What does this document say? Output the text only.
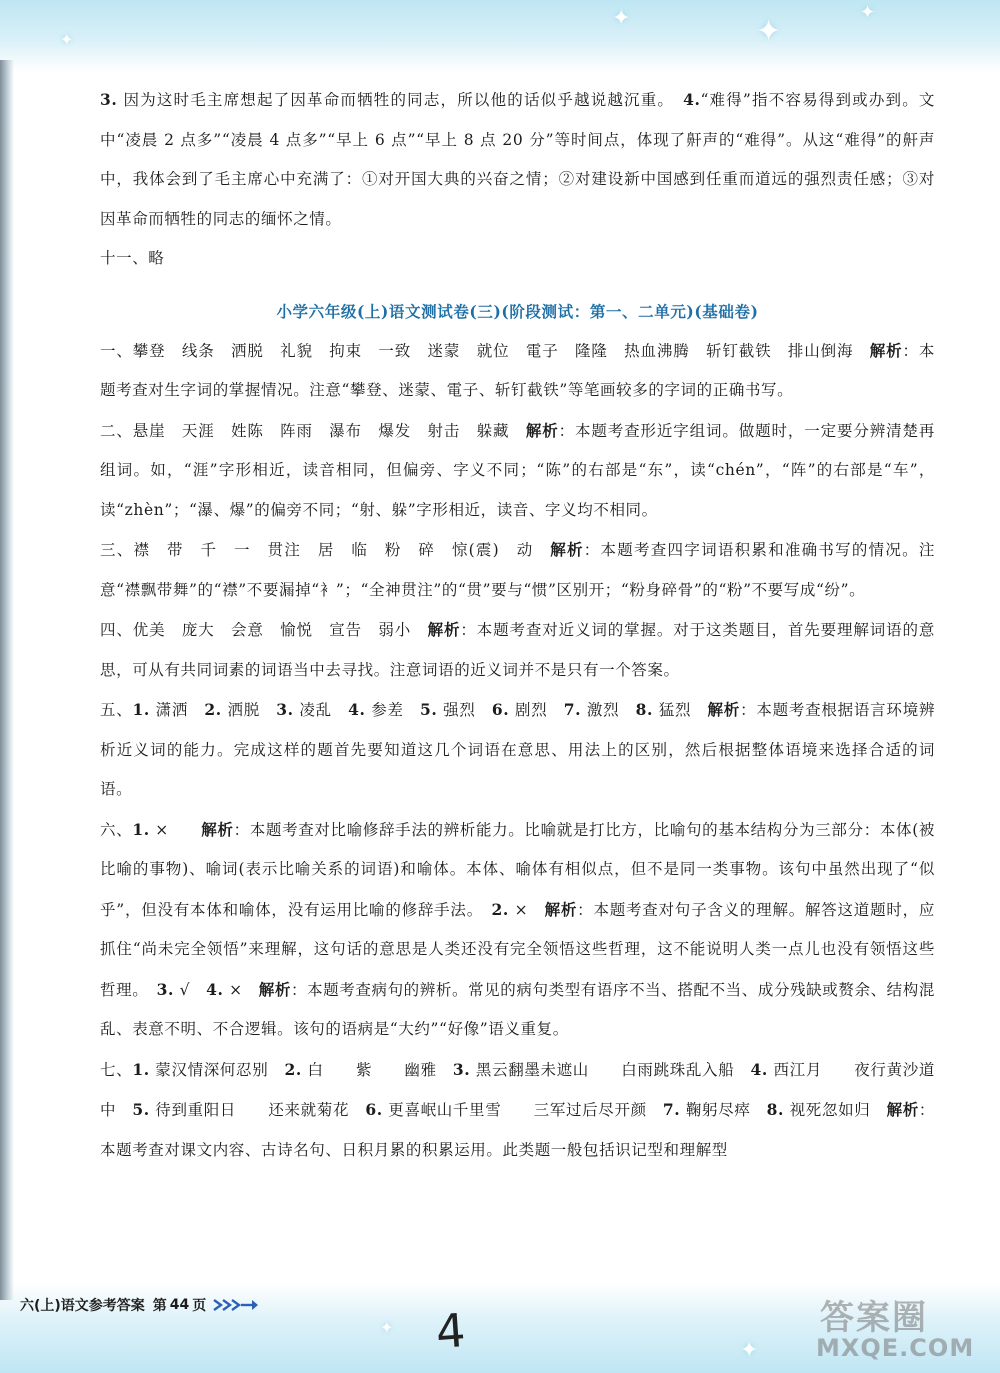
✦	✦
✦
✦
✦
✦
3. 因为这时毛主席想起了因革命而牺牲的同志，所以他的话似乎越说越沉重。　4.“难得”指不容易得到或办到。文中“凌晨 2 点多”“凌晨 4 点多”“早上 6 点”“早上 8 点 20 分”等时间点，体现了鼾声的“难得”。从这“难得”的鼾声中，我体会到了毛主席心中充满了：①对开国大典的兴奋之情；②对建设新中国感到任重而道远的强烈责任感；③对因革命而牺牲的同志的缅怀之情。
十一、略
小学六年级(上)语文测试卷(三)(阶段测试：第一、二单元)(基础卷)
一、攀登　线条　洒脱　礼貌　拘束　一致　迷蒙　就位　電子　隆隆　热血沸腾　斩钉截铁　排山倒海　解析：本题考查对生字词的掌握情况。注意“攀登、迷蒙、電子、斩钉截铁”等笔画较多的字词的正确书写。
二、悬崖　天涯　姓陈　阵雨　瀑布　爆发　射击　躲藏　解析：本题考查形近字组词。做题时，一定要分辨清楚再组词。如，“涯”字形相近，读音相同，但偏旁、字义不同；“陈”的右部是“东”，读“chén”，“阵”的右部是“车”，读“zhèn”；“瀑、爆”的偏旁不同；“射、躲”字形相近，读音、字义均不相同。
三、襟　带　千　一　贯注　居　临　粉　碎　惊(震)　动　解析：本题考查四字词语积累和准确书写的情况。注意“襟飘带舞”的“襟”不要漏掉“衤”；“全神贯注”的“贯”要与“惯”区别开；“粉身碎骨”的“粉”不要写成“纷”。
四、优美　庞大　会意　愉悦　宣告　弱小　解析：本题考查对近义词的掌握。对于这类题目，首先要理解词语的意思，可从有共同词素的词语当中去寻找。注意词语的近义词并不是只有一个答案。
五、1. 潇洒　2. 洒脱　3. 凌乱　4. 参差　5. 强烈　6. 剧烈　7. 激烈　8. 猛烈　解析：本题考查根据语言环境辨析近义词的能力。完成这样的题首先要知道这几个词语在意思、用法上的区别，然后根据整体语境来选择合适的词语。
六、1. ×　　解析：本题考查对比喻修辞手法的辨析能力。比喻就是打比方，比喻句的基本结构分为三部分：本体(被比喻的事物)、喻词(表示比喻关系的词语)和喻体。本体、喻体有相似点，但不是同一类事物。该句中虽然出现了“似乎”，但没有本体和喻体，没有运用比喻的修辞手法。　2. ×　解析：本题考查对句子含义的理解。解答这道题时，应抓住“尚未完全领悟”来理解，这句话的意思是人类还没有完全领悟这些哲理，这不能说明人类一点儿也没有领悟这些哲理。　3. √　4. ×　解析：本题考查病句的辨析。常见的病句类型有语序不当、搭配不当、成分残缺或赘余、结构混乱、表意不明、不合逻辑。该句的语病是“大约”“好像”语义重复。
七、1. 蒙汉情深何忍别　2. 白　　紫　　幽雅　3. 黑云翻墨未遮山　　白雨跳珠乱入船　4. 西江月　　夜行黄沙道中　5. 待到重阳日　　还来就菊花　6. 更喜岷山千里雪　　三军过后尽开颜　7. 鞠躬尽瘁　8. 视死忽如归　解析：本题考查对课文内容、古诗名句、日积月累的积累运用。此类题一般包括识记型和理解型
六(上)语文参考答案 第 44 页	4	答案圈
MXQE.COM
